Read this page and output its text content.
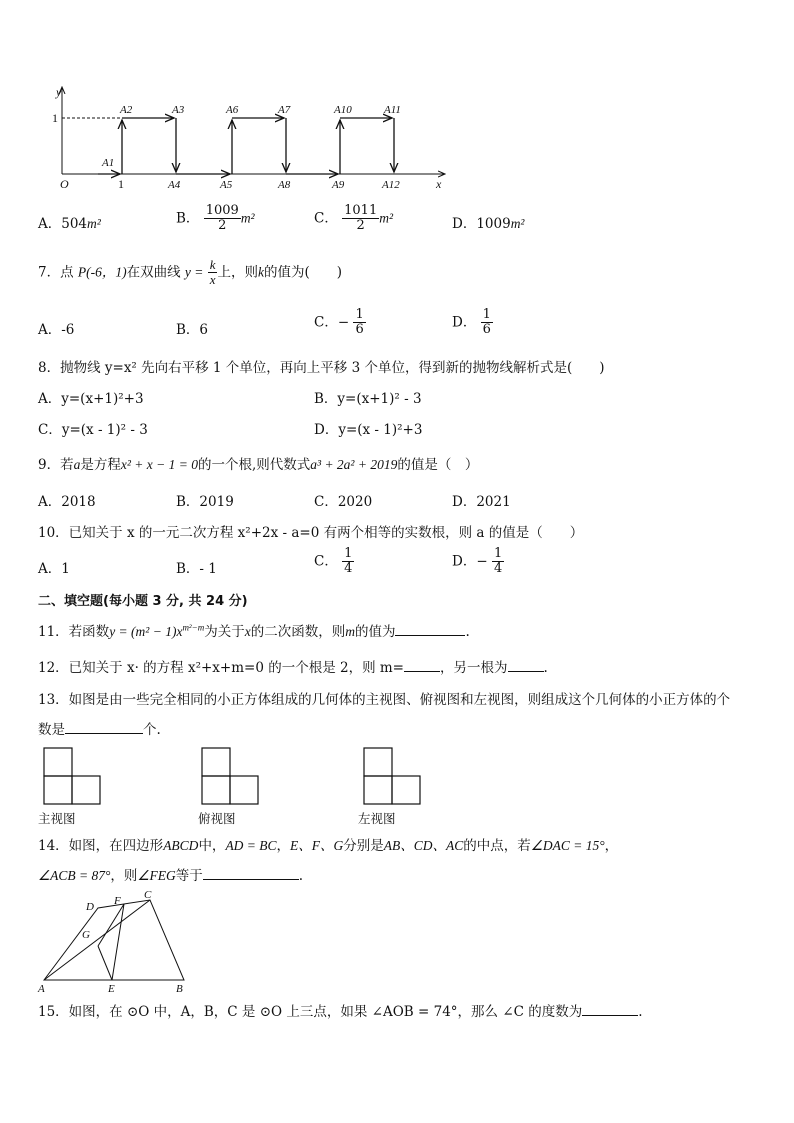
y
x
O
1
1
A1
A2	A3
A4	A5
A6	A7
A8	A9
A10	A11
A12
A．504m²	B． $\frac{1009}{2} m^2$	C． $\frac{1011}{2} m^2$	D．1009m²
7．点 P(-6，1)在双曲线 $y = \frac{k}{x}$ 上，则k的值为(　　)
A．-6	B．6	C．− $\frac{1}{6}$	D． $\frac{1}{6}$
8．抛物线 y=x² 先向右平移 1 个单位，再向上平移 3 个单位，得到新的抛物线解析式是(　　)
A．y=(x+1)²+3	B．y=(x+1)² - 3
C．y=(x - 1)² - 3	D．y=(x - 1)²+3
9．若a是方程x² + x − 1 = 0的一个根,则代数式a³ + 2a² + 2019的值是（　）
A．2018	B．2019	C．2020	D．2021
10．已知关于 x 的一元二次方程 x²+2x - a=0 有两个相等的实数根，则 a 的值是（　　）
A．1	B．- 1	C． $\frac{1}{4}$	D．− $\frac{1}{4}$
二、填空题(每小题 3 分, 共 24 分)
11．若函数$y = (m^2 - 1)x^{m^2-m}$为关于x的二次函数，则m的值为	.
12．已知关于 x· 的方程 x²+x+m=0 的一个根是 2，则 m=	，另一根为	.
13．如图是由一些完全相同的小正方体组成的几何体的主视图、俯视图和左视图，则组成这个几何体的小正方体的个
数是	个.
主视图	俯视图	左视图
14．如图，在四边形ABCD中，AD = BC，E、F、G分别是AB、CD、AC的中点，若∠DAC = 15°，
∠ACB = 87°，则∠FEG等于	.
A	B
C
D
E
F
G
15．如图，在 ⊙O 中，A，B，C 是 ⊙O 上三点，如果 ∠AOB = 74°，那么 ∠C 的度数为	.
